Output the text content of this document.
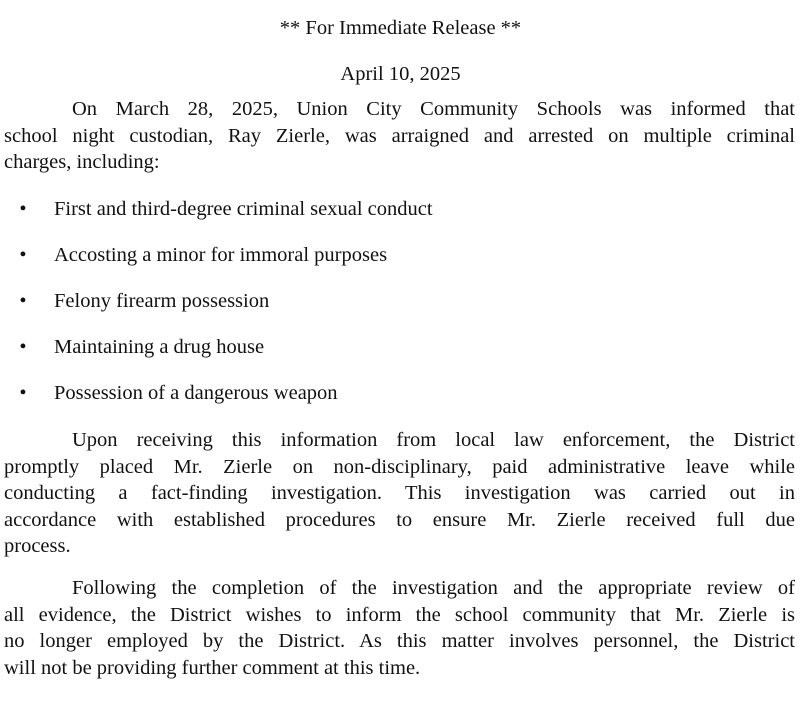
** For Immediate Release **
April 10, 2025
On March 28, 2025, Union City Community Schools was informed that
school night custodian, Ray Zierle, was arraigned and arrested on multiple criminal
charges, including:
• First and third-degree criminal sexual conduct
• Accosting a minor for immoral purposes
• Felony firearm possession
• Maintaining a drug house
• Possession of a dangerous weapon
Upon receiving this information from local law enforcement, the District
promptly placed Mr. Zierle on non-disciplinary, paid administrative leave while
conducting a fact-finding investigation. This investigation was carried out in
accordance with established procedures to ensure Mr. Zierle received full due
process.
Following the completion of the investigation and the appropriate review of
all evidence, the District wishes to inform the school community that Mr. Zierle is
no longer employed by the District. As this matter involves personnel, the District
will not be providing further comment at this time.
